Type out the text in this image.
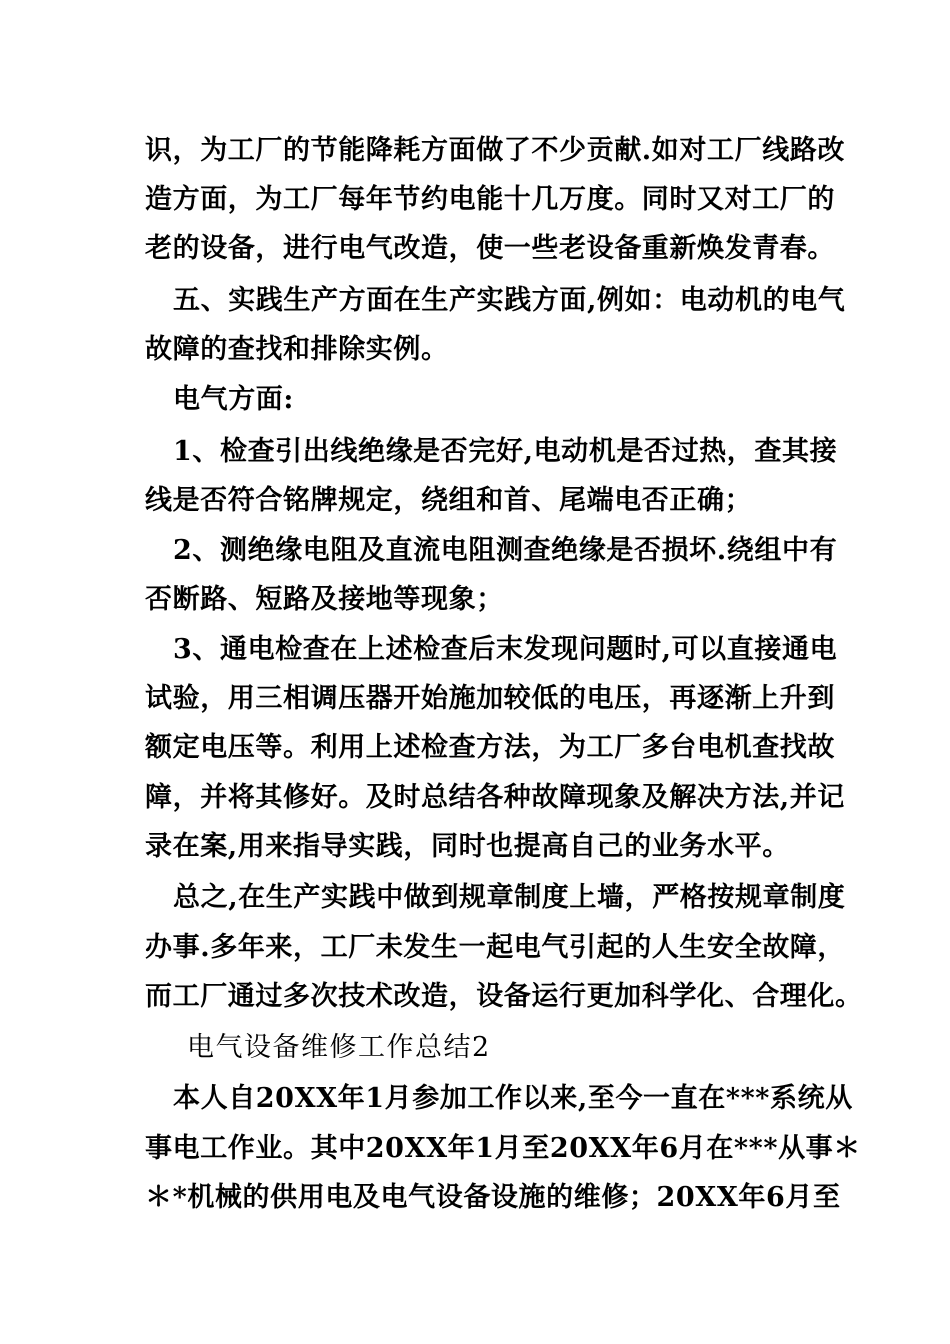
识，为工厂的节能降耗方面做了不少贡献.如对工厂线路改
造方面，为工厂每年节约电能十几万度。同时又对工厂的
老的设备，进行电气改造，使一些老设备重新焕发青春。
五、实践生产方面在生产实践方面,例如：电动机的电气
故障的查找和排除实例。
电气方面:
1、检查引出线绝缘是否完好,电动机是否过热，查其接
线是否符合铭牌规定，绕组和首、尾端电否正确；
2、测绝缘电阻及直流电阻测查绝缘是否损坏.绕组中有
否断路、短路及接地等现象；
3、通电检查在上述检查后末发现问题时,可以直接通电
试验，用三相调压器开始施加较低的电压，再逐渐上升到
额定电压等。利用上述检查方法，为工厂多台电机查找故
障，并将其修好。及时总结各种故障现象及解决方法,并记
录在案,用来指导实践，同时也提高自己的业务水平。
总之,在生产实践中做到规章制度上墙，严格按规章制度
办事.多年来，工厂未发生一起电气引起的人生安全故障，
而工厂通过多次技术改造，设备运行更加科学化、合理化。
电气设备维修工作总结2
本人自20XX年1月参加工作以来,至今一直在***系统从
事电工作业。其中20XX年1月至20XX年6月在***从事＊
＊*机械的供用电及电气设备设施的维修；20XX年6月至
